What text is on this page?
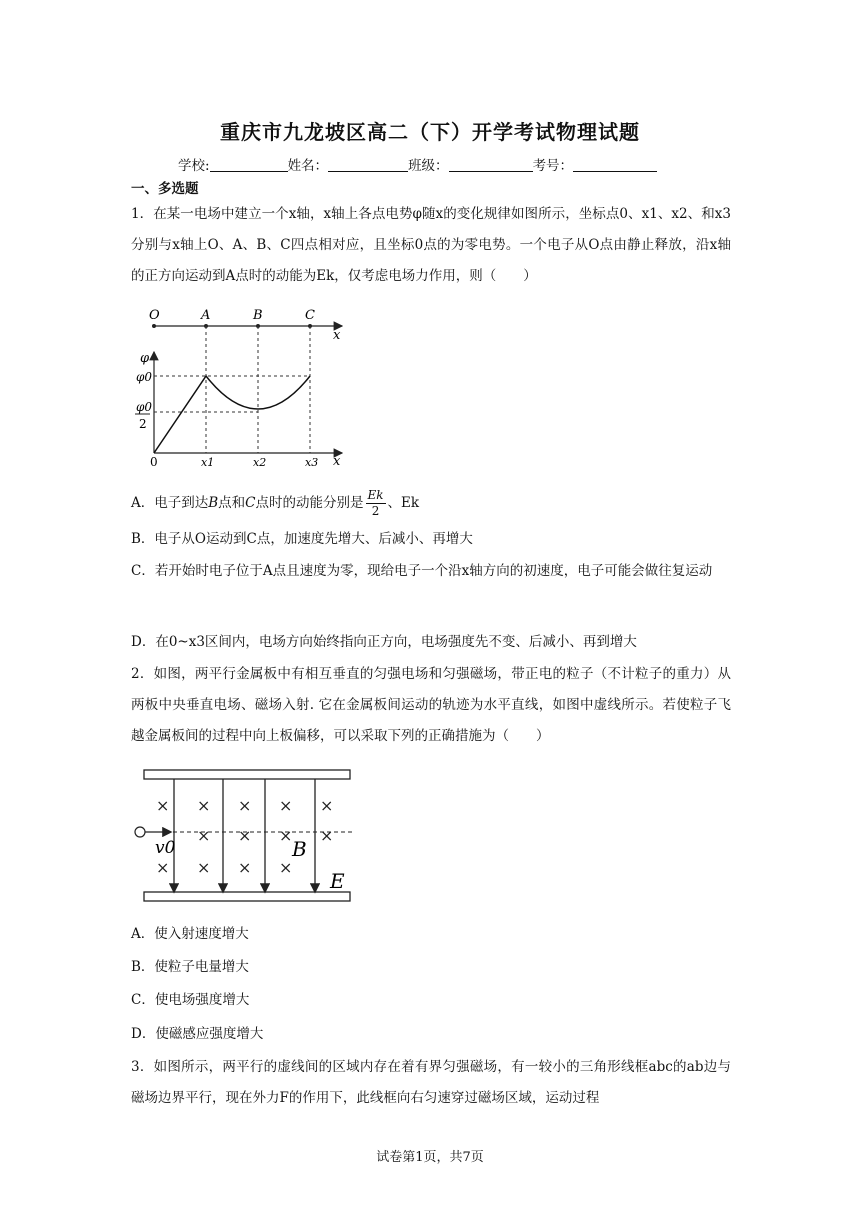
重庆市九龙坡区高二（下）开学考试物理试题
学校:	姓名：	班级：	考号：
一、多选题
1．在某一电场中建立一个x轴，x轴上各点电势φ随x的变化规律如图所示，坐标点0、x1、x2、和x3分别与x轴上O、A、B、C四点相对应，且坐标0点的为零电势。一个电子从O点由静止释放，沿x轴的正方向运动到A点时的动能为Ek，仅考虑电场力作用，则（　　）
O	A	B	C
x
φ
x
φ0
φ0
2
0	x1	x2	x3
A．电子到达B点和C点时的动能分别是 $\frac{Ek}{2}$ 、Ek
B．电子从O运动到C点，加速度先增大、后减小、再增大
C．若开始时电子位于A点且速度为零，现给电子一个沿x轴方向的初速度，电子可能会做往复运动
D．在0~x3区间内，电场方向始终指向正方向，电场强度先不变、后减小、再到增大
2．如图，两平行金属板中有相互垂直的匀强电场和匀强磁场，带正电的粒子（不计粒子的重力）从两板中央垂直电场、磁场入射. 它在金属板间运动的轨迹为水平直线，如图中虚线所示。若使粒子飞越金属板间的过程中向上板偏移，可以采取下列的正确措施为（　　）
× × × × ×
× × × ×
× × × ×
v0	B
E
A．使入射速度增大
B．使粒子电量增大
C．使电场强度增大
D．使磁感应强度增大
3．如图所示，两平行的虚线间的区域内存在着有界匀强磁场，有一较小的三角形线框abc的ab边与磁场边界平行，现在外力F的作用下，此线框向右匀速穿过磁场区域，运动过程
试卷第1页，共7页
